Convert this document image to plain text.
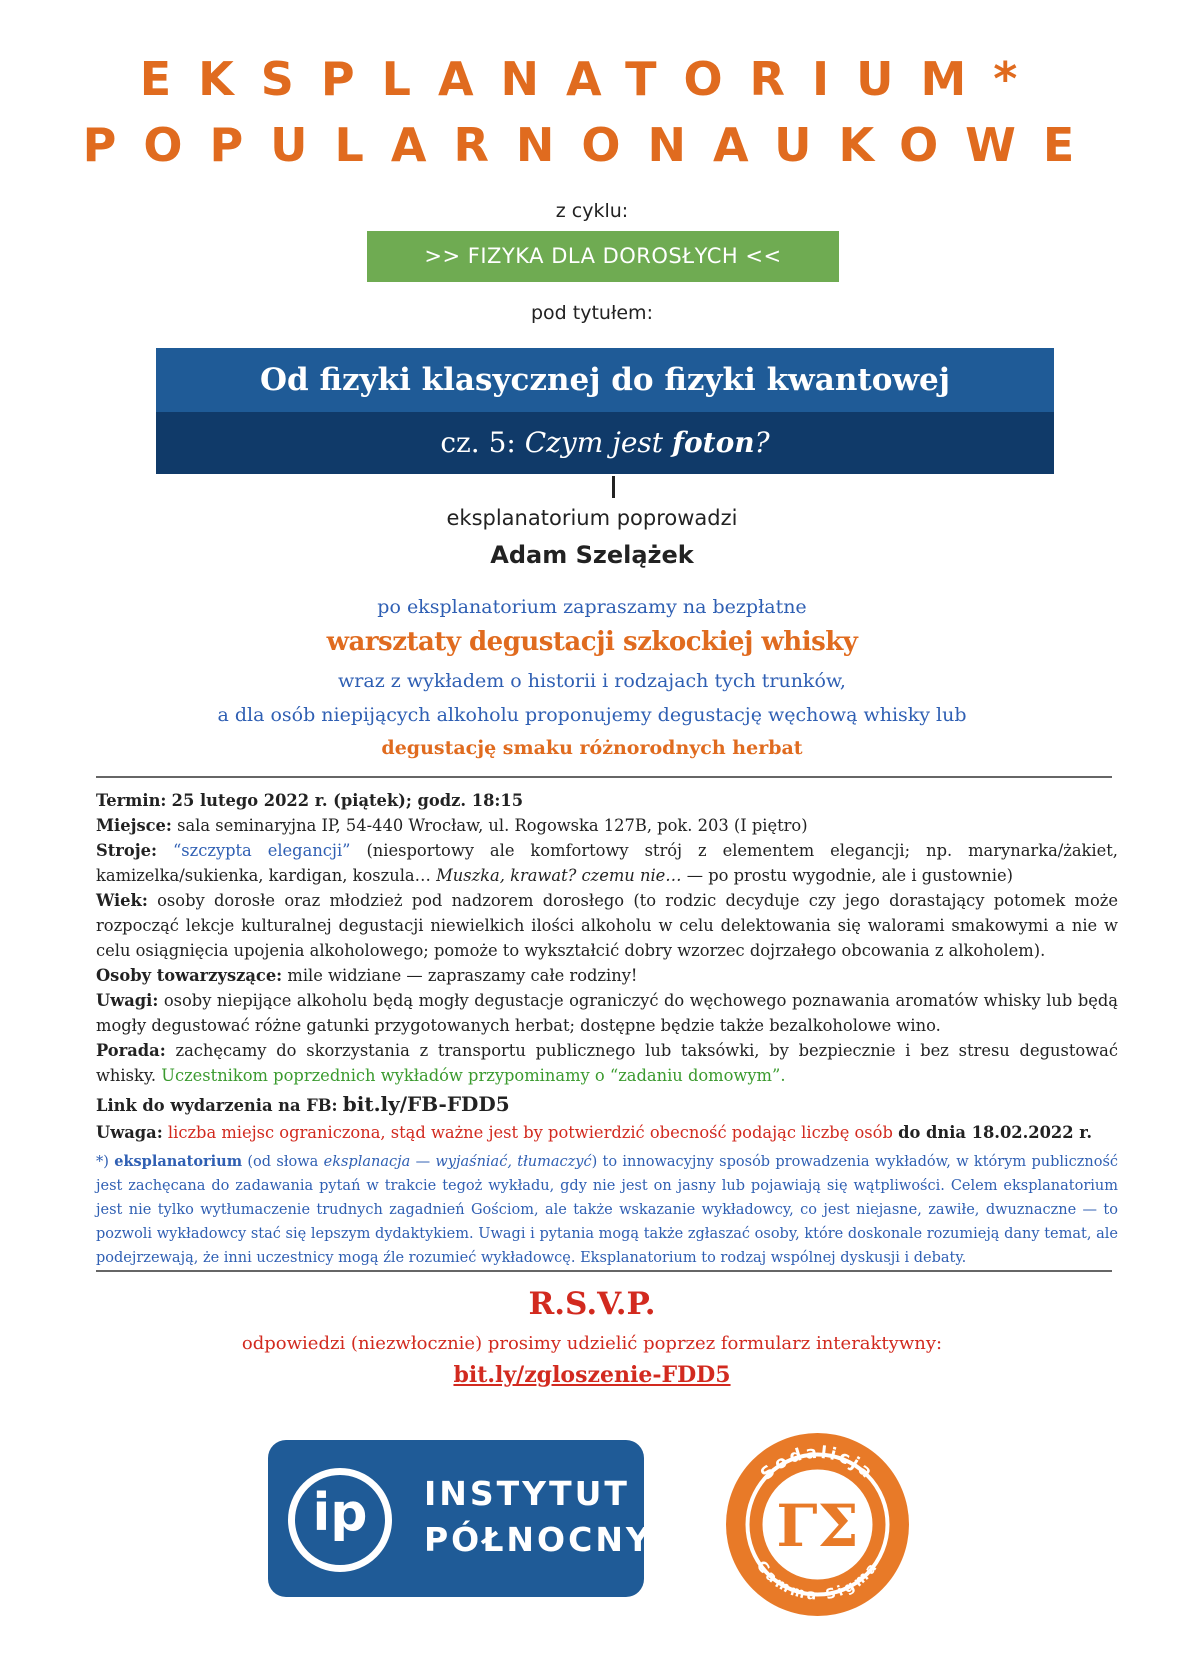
EKSPLANATORIUM*
POPULARNONAUKOWE
z cyklu:
>> FIZYKA DLA DOROSŁYCH <<
pod tytułem:
Od fizyki klasycznej do fizyki kwantowej
cz. 5: Czym jest foton?
eksplanatorium poprowadzi
Adam Szelążek
po eksplanatorium zapraszamy na bezpłatne
warsztaty degustacji szkockiej whisky
wraz z wykładem o historii i rodzajach tych trunków,
a dla osób niepijących alkoholu proponujemy degustację węchową whisky lub
degustację smaku różnorodnych herbat
Termin: 25 lutego 2022 r. (piątek); godz. 18:15
Miejsce: sala seminaryjna IP, 54-440 Wrocław, ul. Rogowska 127B, pok. 203 (I piętro)
Stroje: “szczypta elegancji” (niesportowy ale komfortowy strój z elementem elegancji; np. marynarka/żakiet, kamizelka/sukienka, kardigan, koszula… Muszka, krawat? czemu nie… — po prostu wygodnie, ale i gustownie)
Wiek: osoby dorosłe oraz młodzież pod nadzorem dorosłego (to rodzic decyduje czy jego dorastający potomek może rozpocząć lekcje kulturalnej degustacji niewielkich ilości alkoholu w celu delektowania się walorami smakowymi a nie w celu osiągnięcia upojenia alkoholowego; pomoże to wykształcić dobry wzorzec dojrzałego obcowania z alkoholem).
Osoby towarzyszące: mile widziane — zapraszamy całe rodziny!
Uwagi: osoby niepijące alkoholu będą mogły degustacje ograniczyć do węchowego poznawania aromatów whisky lub będą mogły degustować różne gatunki przygotowanych herbat; dostępne będzie także bezalkoholowe wino.
Porada: zachęcamy do skorzystania z transportu publicznego lub taksówki, by bezpiecznie i bez stresu degustować whisky. Uczestnikom poprzednich wykładów przypominamy o “zadaniu domowym”.
Link do wydarzenia na FB: bit.ly/FB-FDD5
Uwaga: liczba miejsc ograniczona, stąd ważne jest by potwierdzić obecność podając liczbę osób do dnia 18.02.2022 r.
*) eksplanatorium (od słowa eksplanacja — wyjaśniać, tłumaczyć) to innowacyjny sposób prowadzenia wykładów, w którym publiczność jest zachęcana do zadawania pytań w trakcie tegoż wykładu, gdy nie jest on jasny lub pojawiają się wątpliwości. Celem eksplanatorium jest nie tylko wytłumaczenie trudnych zagadnień Gościom, ale także wskazanie wykładowcy, co jest niejasne, zawiłe, dwuznaczne — to pozwoli wykładowcy stać się lepszym dydaktykiem. Uwagi i pytania mogą także zgłaszać osoby, które doskonale rozumieją dany temat, ale podejrzewają, że inni uczestnicy mogą źle rozumieć wykładowcę. Eksplanatorium to rodzaj wspólnej dyskusji i debaty.
R.S.V.P.
odpowiedzi (niezwłocznie) prosimy udzielić poprzez formularz interaktywny:
bit.ly/zgloszenie-FDD5
ip	INSTYTUT
PÓŁNOCNY
Sodalicja
Gamma Sigma
ΓΣ
